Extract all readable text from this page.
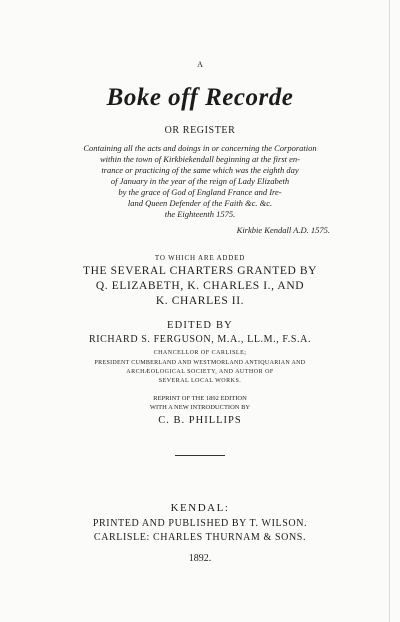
A
Boke off Recorde
OR REGISTER
Containing all the acts and doings in or concerning the Corporation
within the town of Kirkbiekendall beginning at the first en-
trance or practicing of the same which was the eighth day
of January in the year of the reign of Lady Elizabeth
by the grace of God of England France and Ire-
land Queen Defender of the Faith &c. &c.
the Eighteenth 1575.
Kirkbie Kendall A.D. 1575.
TO WHICH ARE ADDED
THE SEVERAL CHARTERS GRANTED BY
Q. ELIZABETH, K. CHARLES I., AND
K. CHARLES II.
EDITED BY
RICHARD S. FERGUSON, M.A., LL.M., F.S.A.
CHANCELLOR OF CARLISLE;
PRESIDENT CUMBERLAND AND WESTMORLAND ANTIQUARIAN AND
ARCHÆOLOGICAL SOCIETY, AND AUTHOR OF
SEVERAL LOCAL WORKS.
REPRINT OF THE 1892 EDITION
WITH A NEW INTRODUCTION BY
C. B. PHILLIPS
KENDAL:
PRINTED AND PUBLISHED BY T. WILSON.
CARLISLE: CHARLES THURNAM & SONS.
1892.
